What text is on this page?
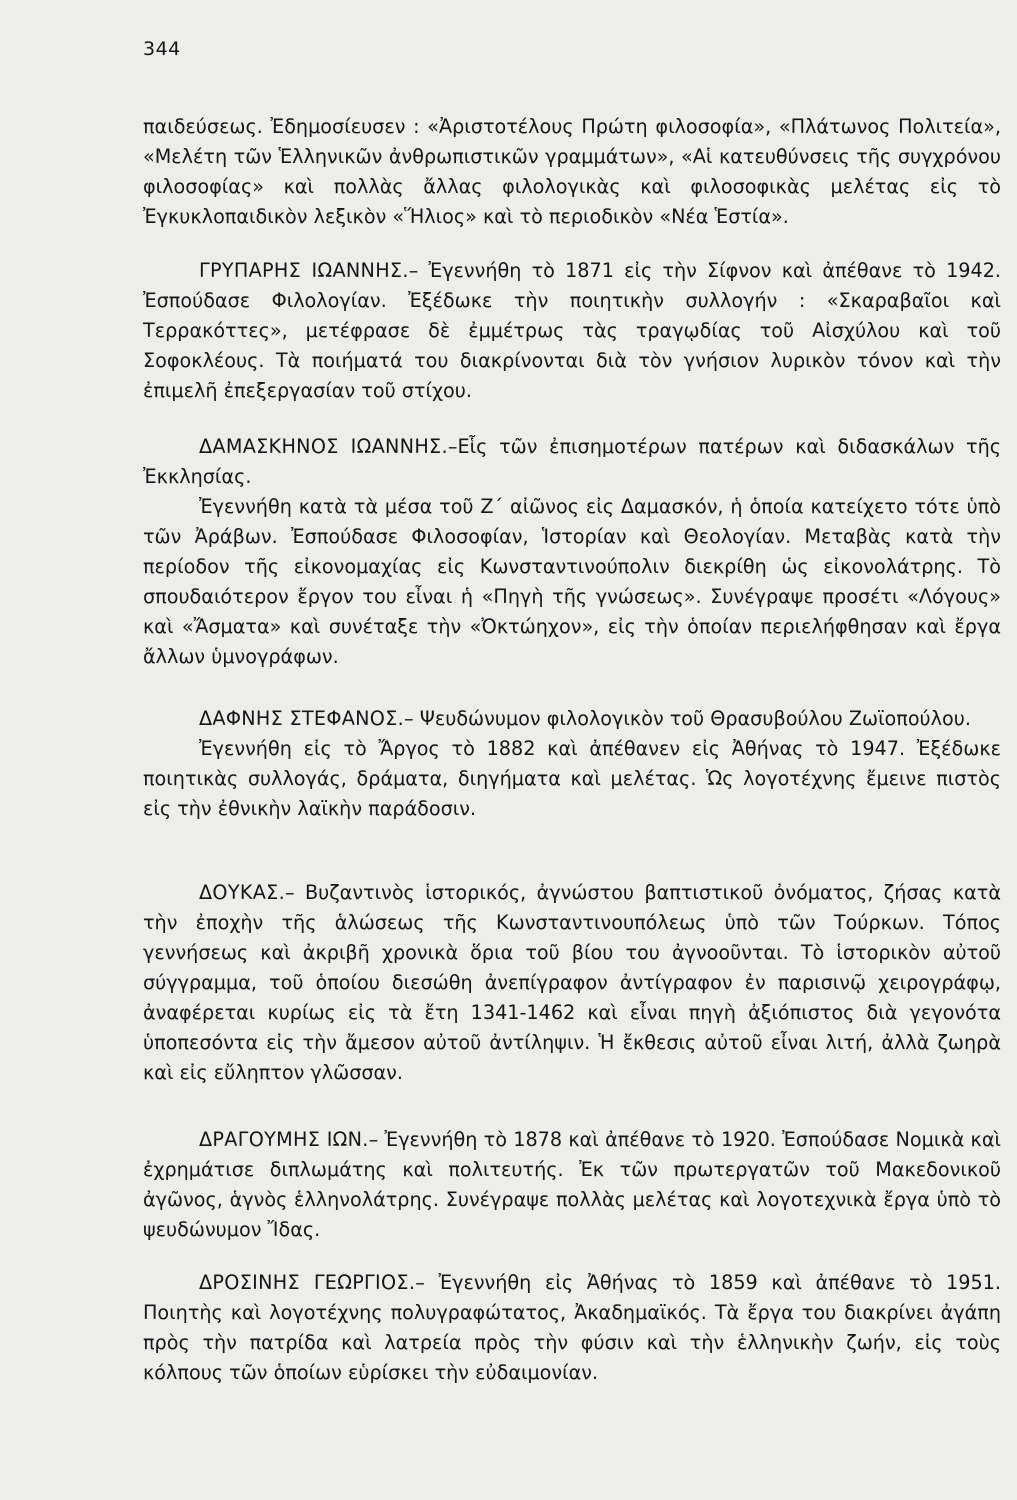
344

παιδεύσεως. Ἐδημοσίευσεν : «Ἀριστοτέλους Πρώτη φιλοσοφία», «Πλάτωνος Πολιτεία», «Μελέτη τῶν Ἑλληνικῶν ἀνθρωπιστικῶν γραμμάτων», «Αἱ κατευθύνσεις τῆς συγχρόνου φιλοσοφίας» καὶ πολλὰς ἄλλας φιλολογικὰς καὶ φιλοσοφικὰς μελέτας εἰς τὸ Ἐγκυκλοπαιδικὸν λεξικὸν «Ἥλιος» καὶ τὸ περιοδικὸν «Νέα Ἑστία».

ΓΡΥΠΑΡΗΣ ΙΩΑΝΝΗΣ.– Ἐγεννήθη τὸ 1871 εἰς τὴν Σίφνον καὶ ἀπέθανε τὸ 1942. Ἐσπούδασε Φιλολογίαν. Ἐξέδωκε τὴν ποιητικὴν συλλογήν : «Σκαραβαῖοι καὶ Τερρακόττες», μετέφρασε δὲ ἐμμέτρως τὰς τραγῳδίας τοῦ Αἰσχύλου καὶ τοῦ Σοφοκλέους. Τὰ ποιήματά του διακρίνονται διὰ τὸν γνήσιον λυρικὸν τόνον καὶ τὴν ἐπιμελῆ ἐπεξεργασίαν τοῦ στίχου.

ΔΑΜΑΣΚΗΝΟΣ ΙΩΑΝΝΗΣ.–Εἷς τῶν ἐπισημοτέρων πατέρων καὶ διδασκάλων τῆς Ἐκκλησίας.

Ἐγεννήθη κατὰ τὰ μέσα τοῦ Ζ΄ αἰῶνος εἰς Δαμασκόν, ἡ ὁποία κατείχετο τότε ὑπὸ τῶν Ἀράβων. Ἐσπούδασε Φιλοσοφίαν, Ἱστορίαν καὶ Θεολογίαν. Μεταβὰς κατὰ τὴν περίοδον τῆς εἰκονομαχίας εἰς Κωνσταντινούπολιν διεκρίθη ὡς εἰκονολάτρης. Τὸ σπουδαιότερον ἔργον του εἶναι ἡ «Πηγὴ τῆς γνώσεως». Συνέγραψε προσέτι «Λόγους» καὶ «Ἄσματα» καὶ συνέταξε τὴν «Ὀκτώηχον», εἰς τὴν ὁποίαν περιελήφθησαν καὶ ἔργα ἄλλων ὑμνογράφων.

ΔΑΦΝΗΣ ΣΤΕΦΑΝΟΣ.– Ψευδώνυμον φιλολογικὸν τοῦ Θρασυβούλου Ζωϊοπούλου.

Ἐγεννήθη εἰς τὸ Ἄργος τὸ 1882 καὶ ἀπέθανεν εἰς Ἀθήνας τὸ 1947. Ἐξέδωκε ποιητικὰς συλλογάς, δράματα, διηγήματα καὶ μελέτας. Ὡς λογοτέχνης ἔμεινε πιστὸς εἰς τὴν ἐθνικὴν λαϊκὴν παράδοσιν.

ΔΟΥΚΑΣ.– Βυζαντινὸς ἱστορικός, ἀγνώστου βαπτιστικοῦ ὀνόματος, ζήσας κατὰ τὴν ἐποχὴν τῆς ἁλώσεως τῆς Κωνσταντινουπόλεως ὑπὸ τῶν Τούρκων. Τόπος γεννήσεως καὶ ἀκριβῆ χρονικὰ ὅρια τοῦ βίου του ἀγνοοῦνται. Τὸ ἱστορικὸν αὐτοῦ σύγγραμμα, τοῦ ὁποίου διεσώθη ἀνεπίγραφον ἀντίγραφον ἐν παρισινῷ χειρογράφῳ, ἀναφέρεται κυρίως εἰς τὰ ἔτη 1341-1462 καὶ εἶναι πηγὴ ἀξιόπιστος διὰ γεγονότα ὑποπεσόντα εἰς τὴν ἄμεσον αὐτοῦ ἀντίληψιν. Ἡ ἔκθεσις αὐτοῦ εἶναι λιτή, ἀλλὰ ζωηρὰ καὶ εἰς εὔληπτον γλῶσσαν.

ΔΡΑΓΟΥΜΗΣ ΙΩΝ.– Ἐγεννήθη τὸ 1878 καὶ ἀπέθανε τὸ 1920. Ἐσπούδασε Νομικὰ καὶ ἐχρημάτισε διπλωμάτης καὶ πολιτευτής. Ἐκ τῶν πρωτεργατῶν τοῦ Μακεδονικοῦ ἀγῶνος, ἁγνὸς ἑλληνολάτρης. Συνέγραψε πολλὰς μελέτας καὶ λογοτεχνικὰ ἔργα ὑπὸ τὸ ψευδώνυμον Ἴδας.

ΔΡΟΣΙΝΗΣ ΓΕΩΡΓΙΟΣ.– Ἐγεννήθη εἰς Ἀθήνας τὸ 1859 καὶ ἀπέθανε τὸ 1951. Ποιητὴς καὶ λογοτέχνης πολυγραφώτατος, Ἀκαδημαϊκός. Τὰ ἔργα του διακρίνει ἀγάπη πρὸς τὴν πατρίδα καὶ λατρεία πρὸς τὴν φύσιν καὶ τὴν ἑλληνικὴν ζωήν, εἰς τοὺς κόλπους τῶν ὁποίων εὑρίσκει τὴν εὐδαιμονίαν.
